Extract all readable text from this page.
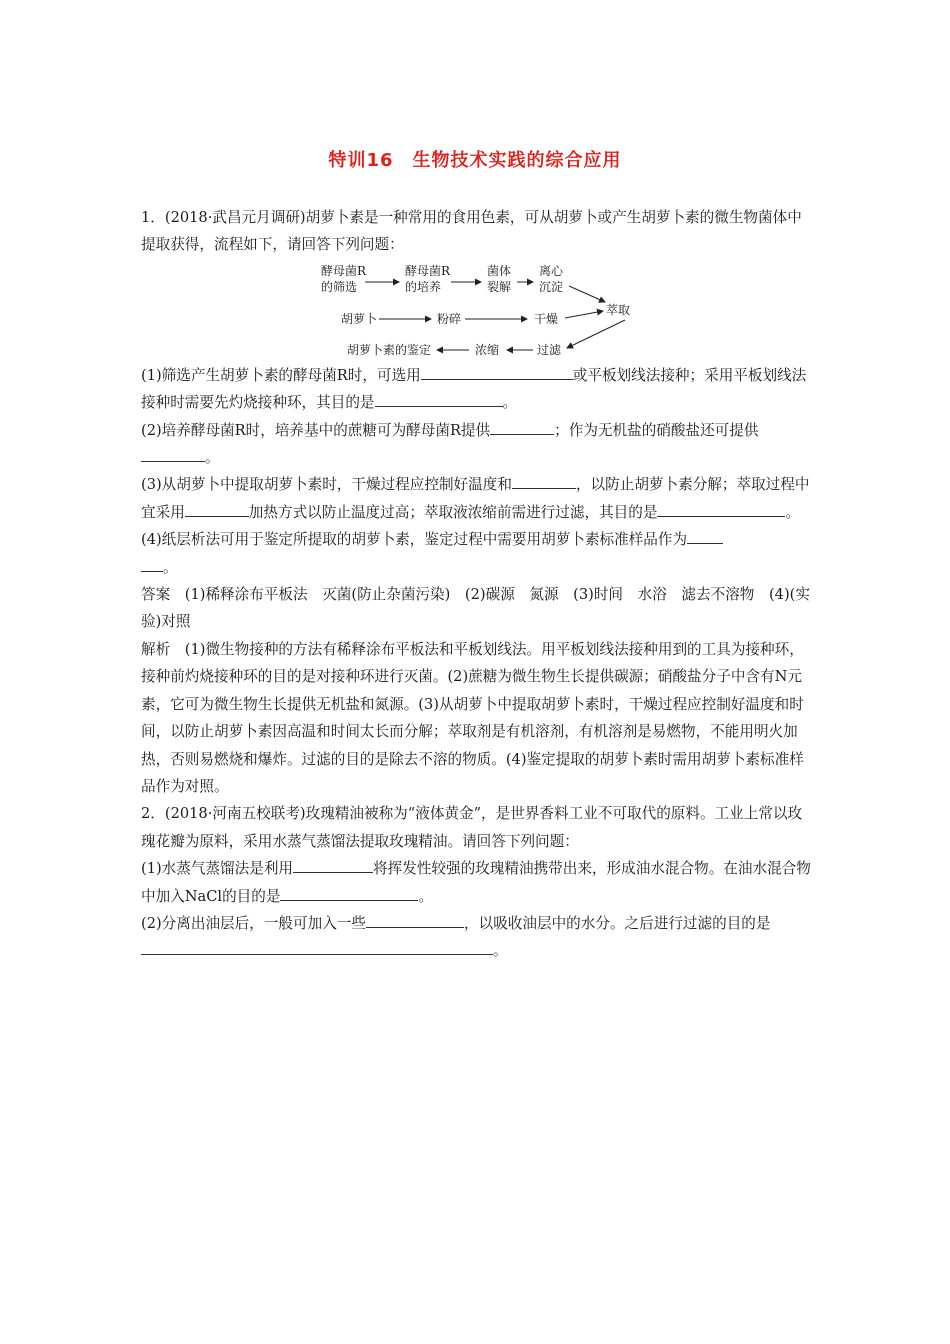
特训16　生物技术实践的综合应用

1．(2018·武昌元月调研)胡萝卜素是一种常用的食用色素，可从胡萝卜或产生胡萝卜素的微生物菌体中提取获得，流程如下，请回答下列问题：

酵母菌R
的筛选
酵母菌R
的培养
菌体
裂解
离心
沉淀
萃取
胡萝卜	粉碎	干燥
过滤
浓缩
胡萝卜素的鉴定

(1)筛选产生胡萝卜素的酵母菌R时，可选用	或平板划线法接种；采用平板划线法接种时需要先灼烧接种环，其目的是	。

(2)培养酵母菌R时，培养基中的蔗糖可为酵母菌R提供	；作为无机盐的硝酸盐还可提供。

(3)从胡萝卜中提取胡萝卜素时，干燥过程应控制好温度和	，以防止胡萝卜素分解；萃取过程中宜采用	加热方式以防止温度过高；萃取液浓缩前需进行过滤，其目的是	。

(4)纸层析法可用于鉴定所提取的胡萝卜素，鉴定过程中需要用胡萝卜素标准样品作为
。

答案　(1)稀释涂布平板法　灭菌(防止杂菌污染)　(2)碳源　氮源　(3)时间　水浴　滤去不溶物　(4)(实验)对照

解析　(1)微生物接种的方法有稀释涂布平板法和平板划线法。用平板划线法接种用到的工具为接种环，接种前灼烧接种环的目的是对接种环进行灭菌。(2)蔗糖为微生物生长提供碳源；硝酸盐分子中含有N元素，它可为微生物生长提供无机盐和氮源。(3)从胡萝卜中提取胡萝卜素时，干燥过程应控制好温度和时间，以防止胡萝卜素因高温和时间太长而分解；萃取剂是有机溶剂，有机溶剂是易燃物，不能用明火加热，否则易燃烧和爆炸。过滤的目的是除去不溶的物质。(4)鉴定提取的胡萝卜素时需用胡萝卜素标准样品作为对照。

2．(2018·河南五校联考)玫瑰精油被称为“液体黄金”，是世界香料工业不可取代的原料。工业上常以玫瑰花瓣为原料，采用水蒸气蒸馏法提取玫瑰精油。请回答下列问题：

(1)水蒸气蒸馏法是利用	将挥发性较强的玫瑰精油携带出来，形成油水混合物。在油水混合物中加入NaCl的目的是	。

(2)分离出油层后，一般可加入一些	，以吸收油层中的水分。之后进行过滤的目的是。
